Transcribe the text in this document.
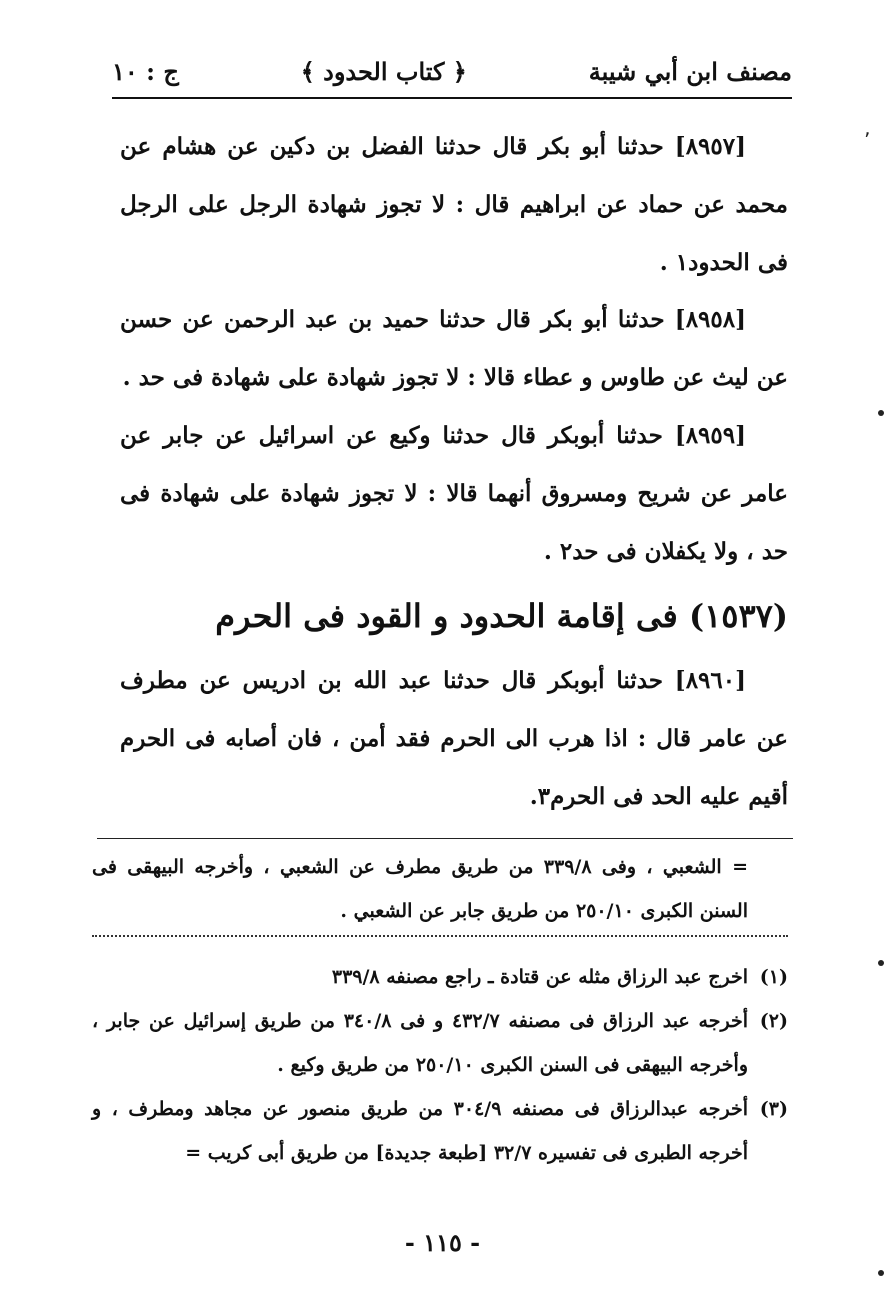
مصنف ابن أبي شيبة
﴿ كتاب الحدود ﴾
ج : ١٠

[٨٩٥٧] حدثنا أبو بكر قال حدثنا الفضل بن دكين عن هشام عن محمد عن حماد عن ابراهيم قال : لا تجوز شهادة الرجل على الرجل فى الحدود١ .

[٨٩٥٨] حدثنا أبو بكر قال حدثنا حميد بن عبد الرحمن عن حسن عن ليث عن طاوس و عطاء قالا : لا تجوز شهادة على شهادة فى حد .

[٨٩٥٩] حدثنا أبوبكر قال حدثنا وكيع عن اسرائيل عن جابر عن عامر عن شريح ومسروق أنهما قالا : لا تجوز شهادة على شهادة فى حد ، ولا يكفلان فى حد٢ .

(١٥٣٧) فى إقامة الحدود و القود فى الحرم

[٨٩٦٠] حدثنا أبوبكر قال حدثنا عبد الله بن ادريس عن مطرف عن عامر قال : اذا هرب الى الحرم فقد أمن ، فان أصابه فى الحرم أقيم عليه الحد فى الحرم٣.

= الشعبي ، وفى ٣٣٩/٨ من طريق مطرف عن الشعبي ، وأخرجه البيهقى فى السنن الكبرى ٢٥٠/١٠ من طريق جابر عن الشعبي .

(١)
اخرج عبد الرزاق مثله عن قتادة ـ راجع مصنفه ٣٣٩/٨
(٢)
أخرجه عبد الرزاق فى مصنفه ٤٣٢/٧ و فى ٣٤٠/٨ من طريق إسرائيل عن جابر ، وأخرجه البيهقى فى السنن الكبرى ٢٥٠/١٠ من طريق وكيع .
(٣)
أخرجه عبدالرزاق فى مصنفه ٣٠٤/٩ من طريق منصور عن مجاهد ومطرف ، و أخرجه الطبرى فى تفسيره ٣٢/٧ [طبعة جديدة] من طريق أبى كريب =
- ١١٥ -
ʼ
